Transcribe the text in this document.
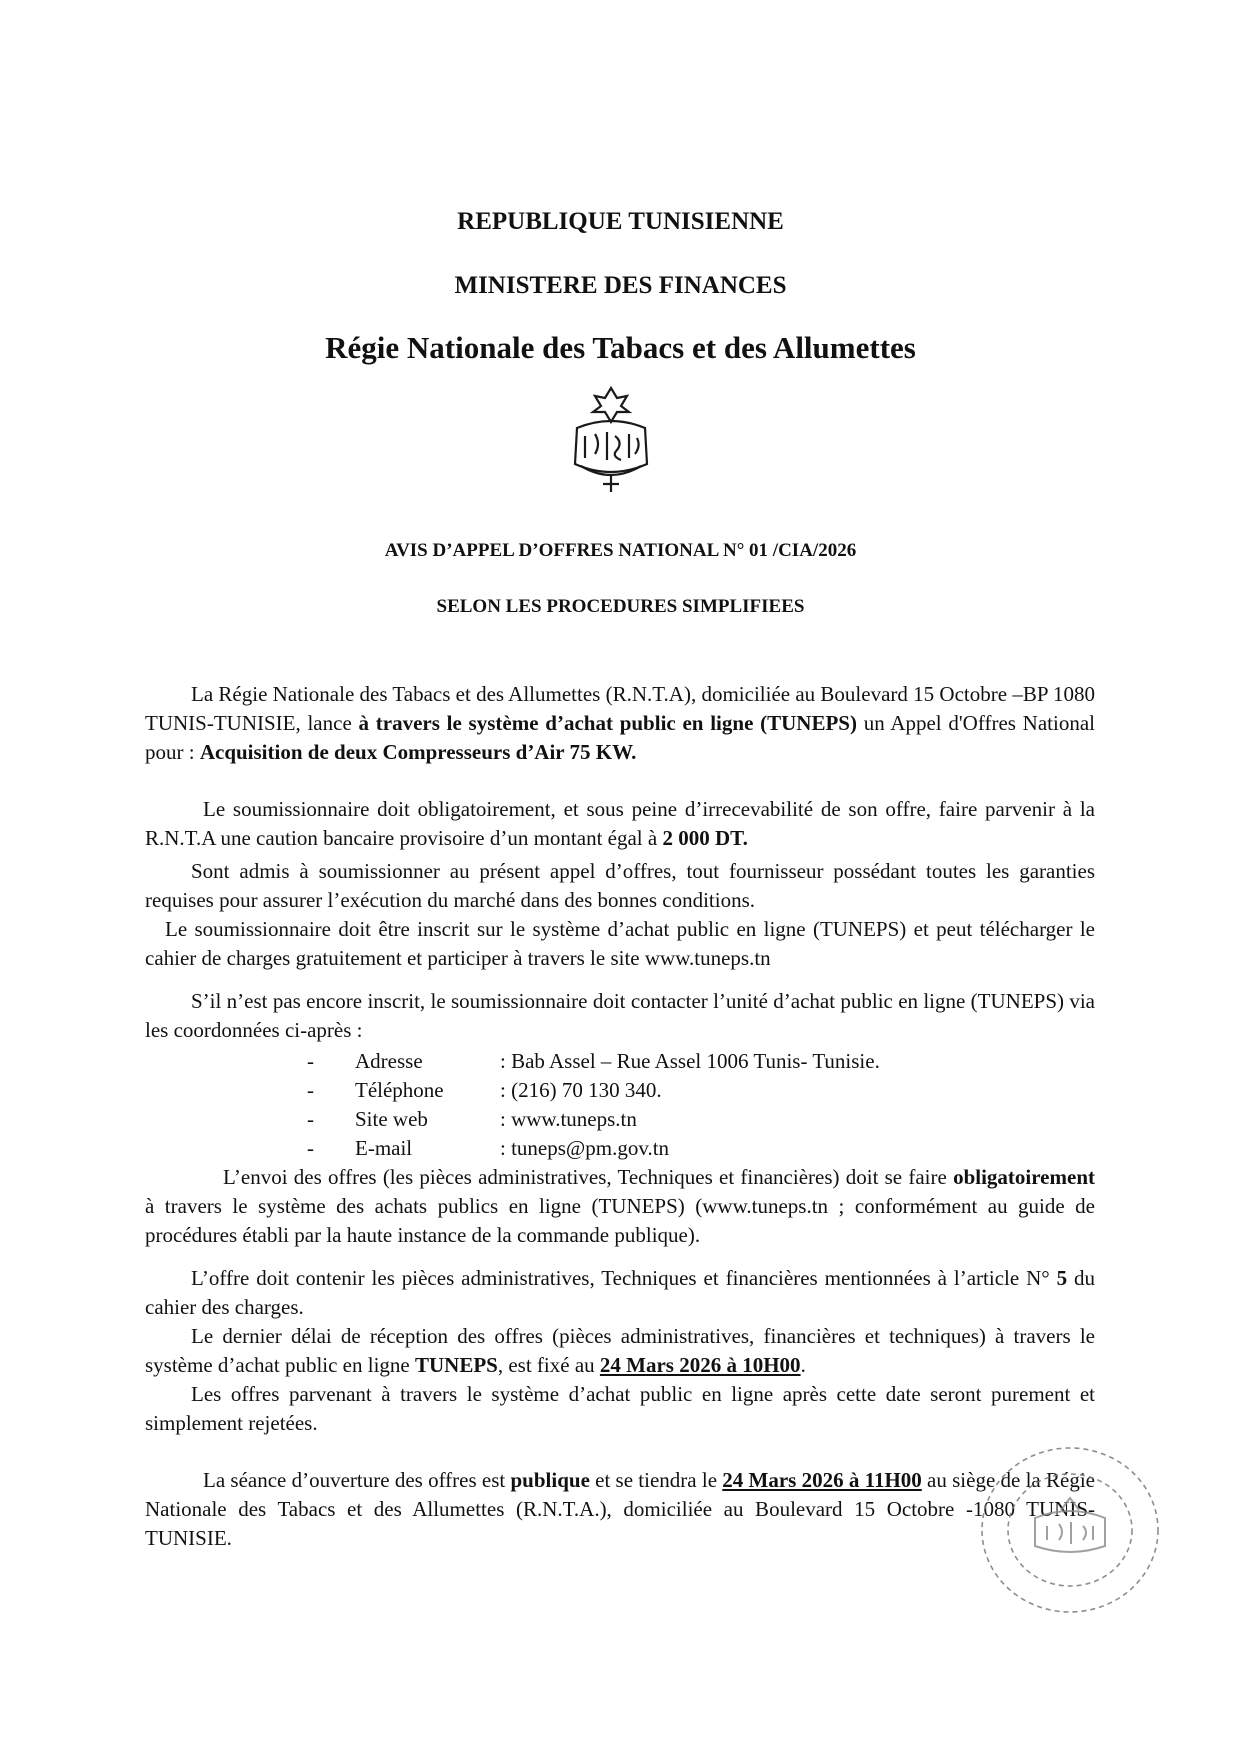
REPUBLIQUE TUNISIENNE

MINISTERE DES FINANCES

Régie Nationale des Tabacs et des Allumettes

AVIS D’APPEL D’OFFRES NATIONAL N° 01 /CIA/2026

SELON LES PROCEDURES SIMPLIFIEES

La Régie Nationale des Tabacs et des Allumettes (R.N.T.A), domiciliée au Boulevard 15 Octobre –BP 1080 TUNIS-TUNISIE, lance à travers le système d’achat public en ligne (TUNEPS) un Appel d'Offres National pour : Acquisition de deux Compresseurs d’Air 75 KW.

Le soumissionnaire doit obligatoirement, et sous peine d’irrecevabilité de son offre, faire parvenir à la R.N.T.A une caution bancaire provisoire d’un montant égal à 2 000 DT.

Sont admis à soumissionner au présent appel d’offres, tout fournisseur possédant toutes les garanties requises pour assurer l’exécution du marché dans des bonnes conditions.

Le soumissionnaire doit être inscrit sur le système d’achat public en ligne (TUNEPS) et peut télécharger le cahier de charges gratuitement et participer à travers le site www.tuneps.tn

S’il n’est pas encore inscrit, le soumissionnaire doit contacter l’unité d’achat public en ligne (TUNEPS) via les coordonnées ci-après :

-	Adresse	: Bab Assel – Rue Assel 1006 Tunis- Tunisie.
-	Téléphone	: (216) 70 130 340.
-	Site web	: www.tuneps.tn
-	E-mail	: tuneps@pm.gov.tn

L’envoi des offres (les pièces administratives, Techniques et financières) doit se faire obligatoirement à travers le système des achats publics en ligne (TUNEPS) (www.tuneps.tn ; conformément au guide de procédures établi par la haute instance de la commande publique).

L’offre doit contenir les pièces administratives, Techniques et financières mentionnées à l’article N° 5 du cahier des charges.

Le dernier délai de réception des offres (pièces administratives, financières et techniques) à travers le système d’achat public en ligne TUNEPS, est fixé au 24 Mars 2026 à 10H00.

Les offres parvenant à travers le système d’achat public en ligne après cette date seront purement et simplement rejetées.

La séance d’ouverture des offres est publique et se tiendra le 24 Mars 2026 à 11H00 au siège de la Régie Nationale des Tabacs et des Allumettes (R.N.T.A.), domiciliée au Boulevard 15 Octobre -1080 TUNIS-TUNISIE.
